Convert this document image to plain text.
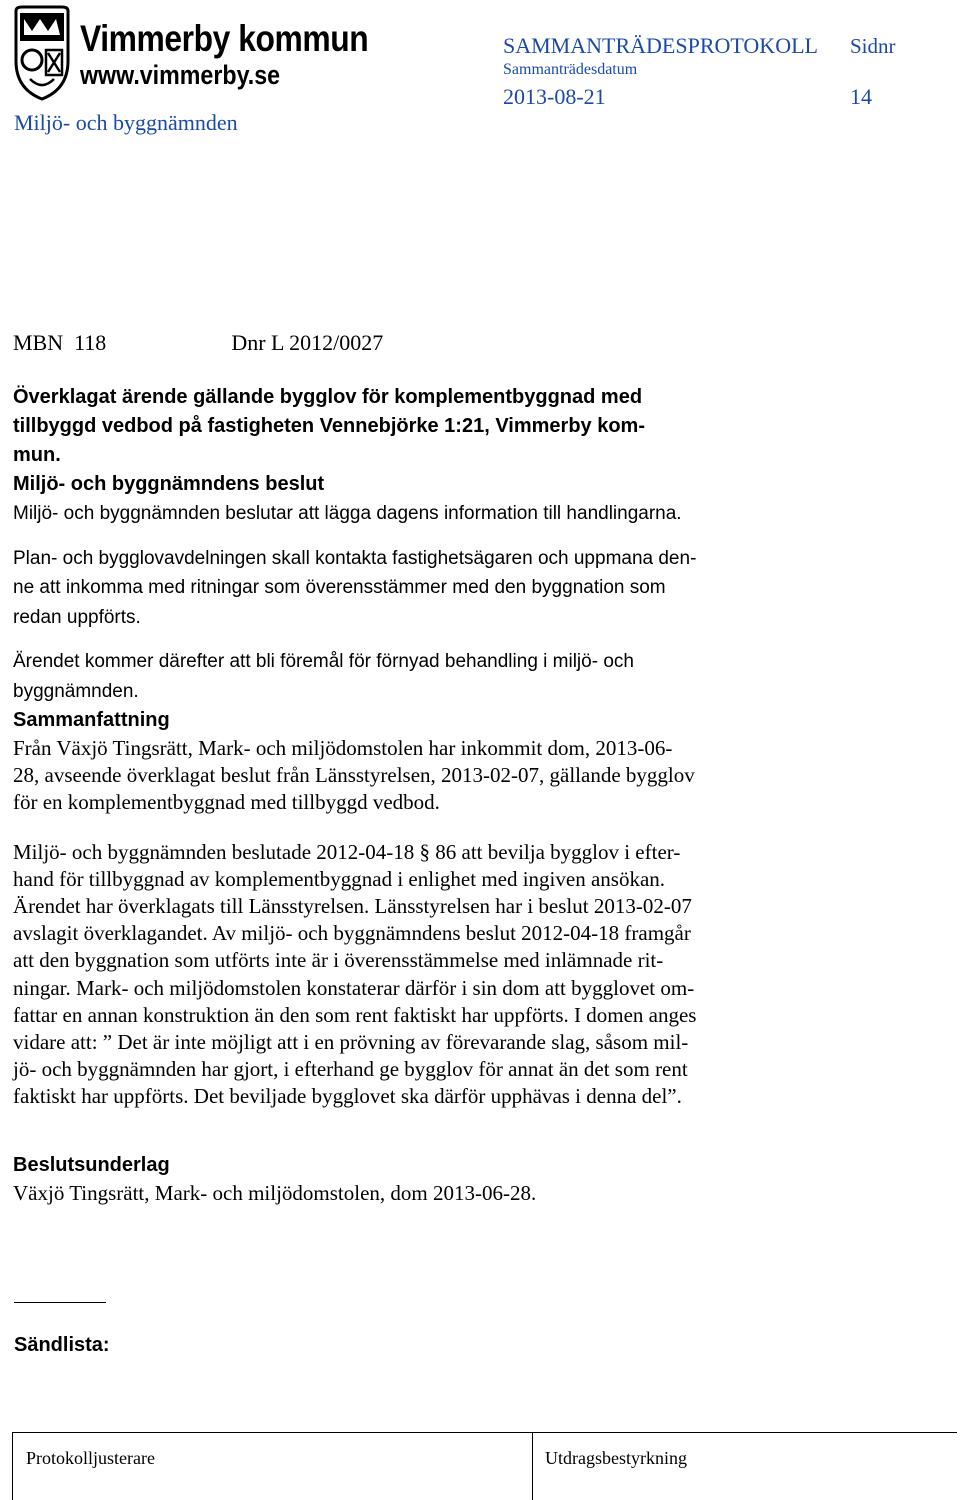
Vimmerby kommun
www.vimmerby.se
SAMMANTRÄDESPROTOKOLL Sidnr
Sammanträdesdatum
2013-08-21	14
Miljö- och byggnämnden

MBN  118	Dnr L 2012/0027

Överklagat ärende gällande bygglov för komplementbyggnad med
tillbyggd vedbod på fastigheten Vennebjörke 1:21, Vimmerby kom-
mun.

Miljö- och byggnämndens beslut

Miljö- och byggnämnden beslutar att lägga dagens information till handlingarna.

Plan- och bygglovavdelningen skall kontakta fastighetsägaren och uppmana den-
ne att inkomma med ritningar som överensstämmer med den byggnation som
redan uppförts.

Ärendet kommer därefter att bli föremål för förnyad behandling i miljö- och
byggnämnden.

Sammanfattning

Från Växjö Tingsrätt, Mark- och miljödomstolen har inkommit dom, 2013-06-
28, avseende överklagat beslut från Länsstyrelsen, 2013-02-07, gällande bygglov
för en komplementbyggnad med tillbyggd vedbod.

Miljö- och byggnämnden beslutade 2012-04-18 § 86 att bevilja bygglov i efter-
hand för tillbyggnad av komplementbyggnad i enlighet med ingiven ansökan.
Ärendet har överklagats till Länsstyrelsen. Länsstyrelsen har i beslut 2013-02-07
avslagit överklagandet. Av miljö- och byggnämndens beslut 2012-04-18 framgår
att den byggnation som utförts inte är i överensstämmelse med inlämnade rit-
ningar. Mark- och miljödomstolen konstaterar därför i sin dom att bygglovet om-
fattar en annan konstruktion än den som rent faktiskt har uppförts. I domen anges
vidare att: ” Det är inte möjligt att i en prövning av förevarande slag, såsom mil-
jö- och byggnämnden har gjort, i efterhand ge bygglov för annat än det som rent
faktiskt har uppförts. Det beviljade bygglovet ska därför upphävas i denna del”.

Beslutsunderlag

Växjö Tingsrätt, Mark- och miljödomstolen, dom 2013-06-28.

Sändlista:
Protokolljusterare	Utdragsbestyrkning
